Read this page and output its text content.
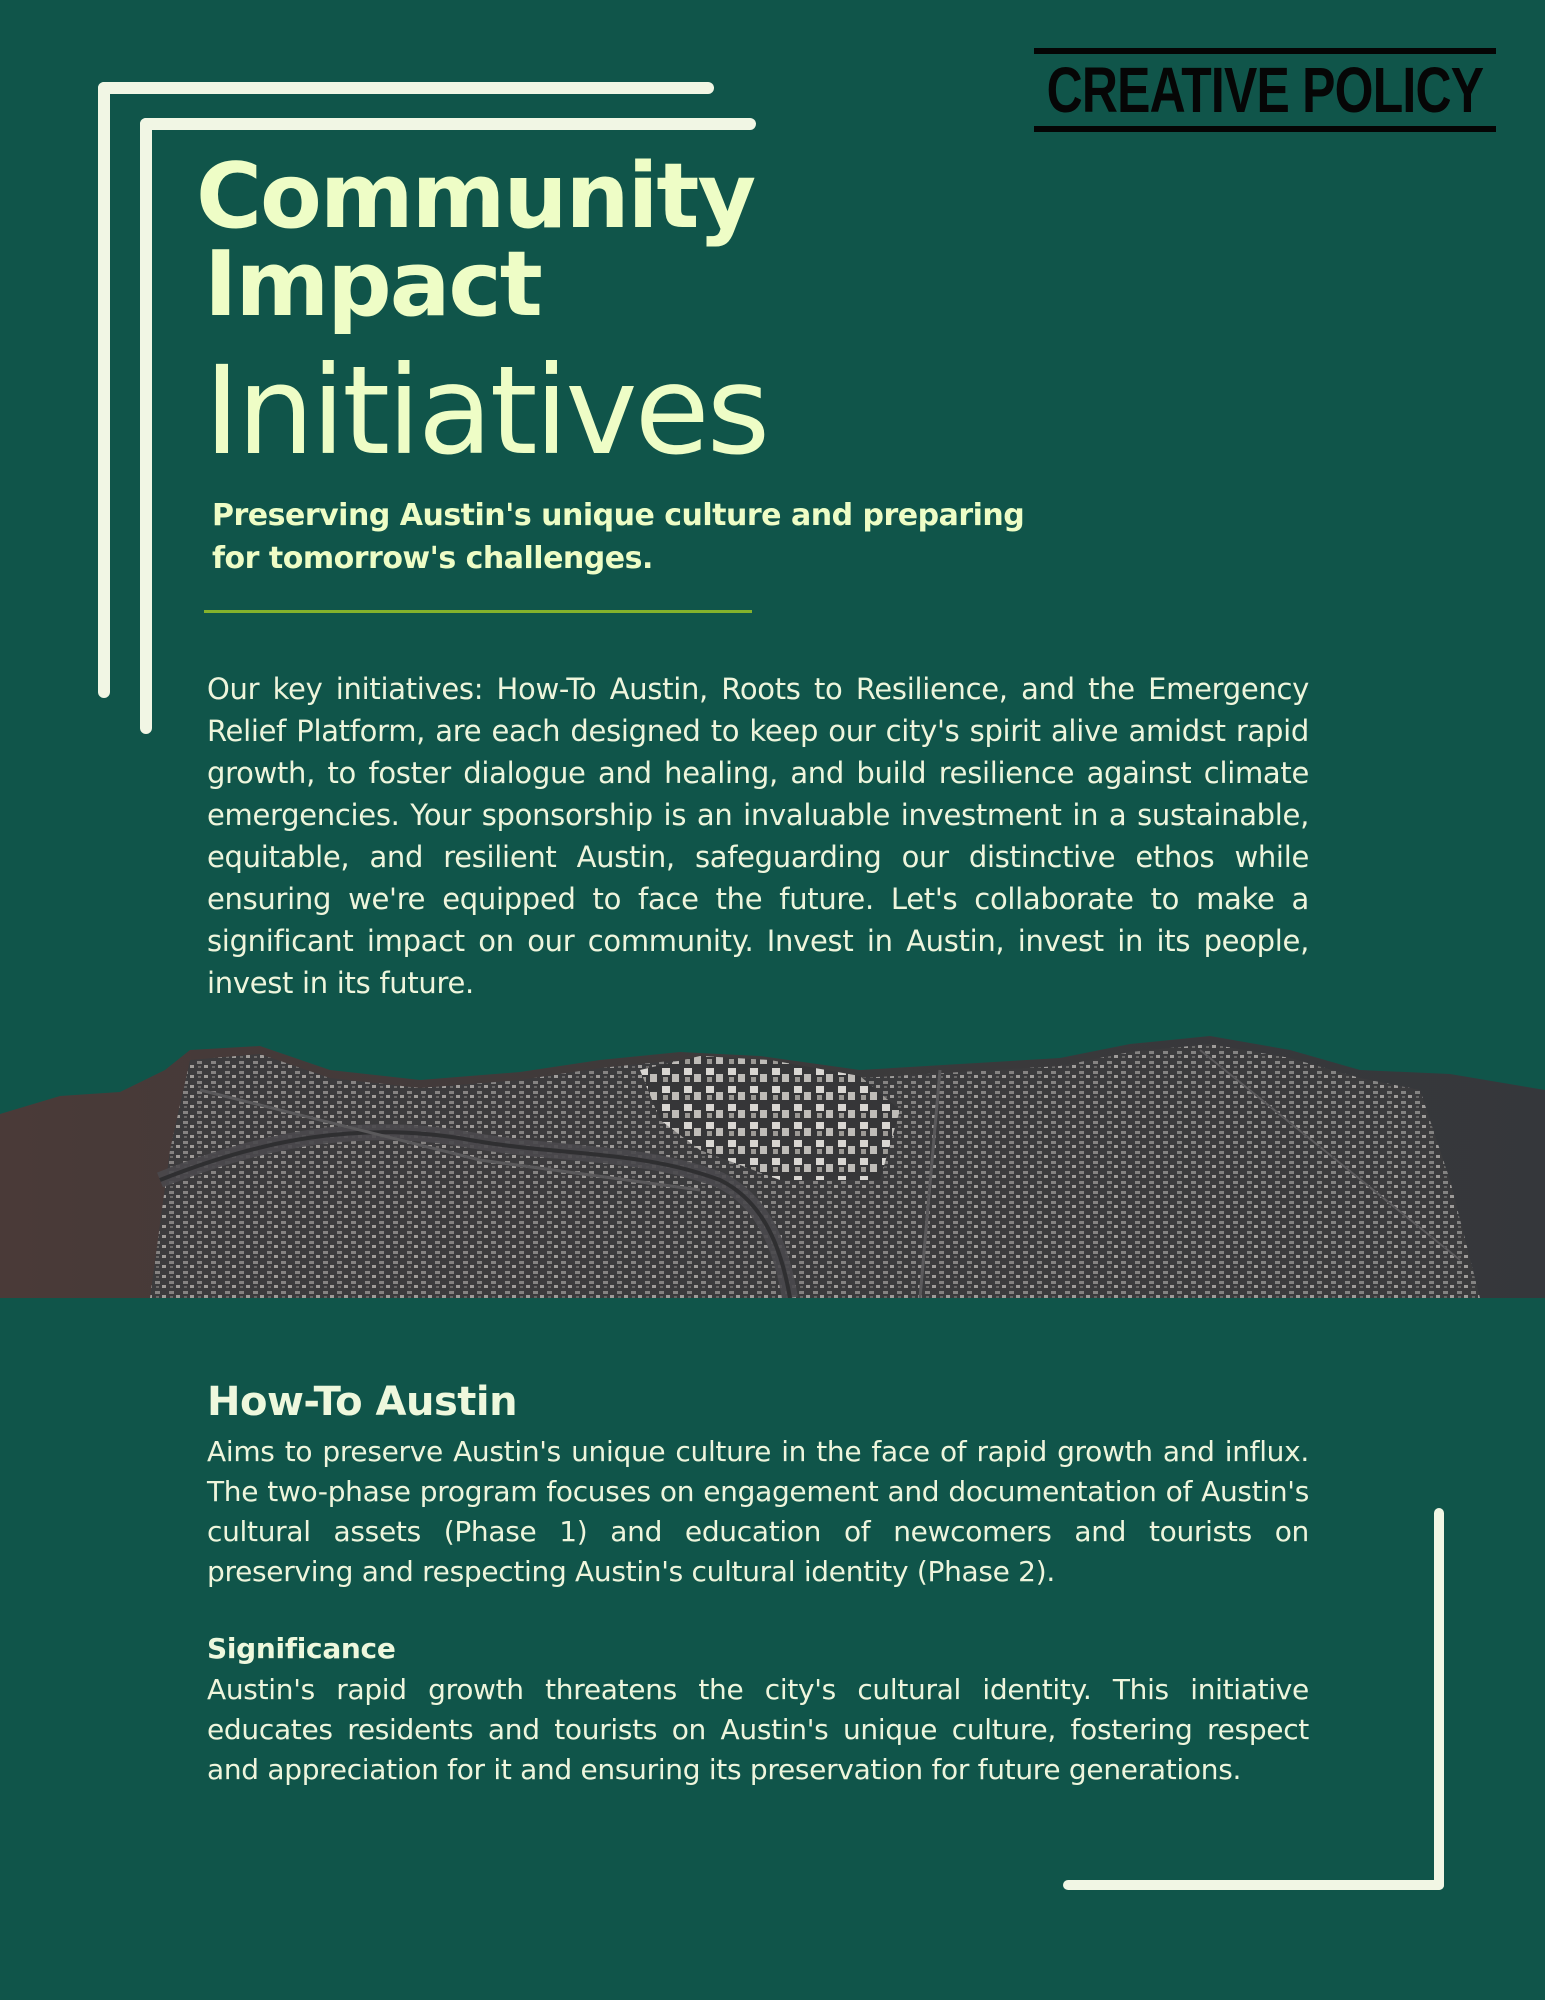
CREATIVE POLICY
Community
Impact
Initiatives
Preserving Austin's unique culture and preparing for tomorrow's challenges.
Our key initiatives: How-To Austin, Roots to Resilience, and the Emergency Relief Platform, are each designed to keep our city's spirit alive amidst rapid growth, to foster dialogue and healing, and build resilience against climate emergencies. Your sponsorship is an invaluable investment in a sustainable, equitable, and resilient Austin, safeguarding our distinctive ethos while ensuring we're equipped to face the future. Let's collaborate to make a significant impact on our community. Invest in Austin, invest in its people, invest in its future.
How-To Austin
Aims to preserve Austin's unique culture in the face of rapid growth and influx. The two-phase program focuses on engagement and documentation of Austin's cultural assets (Phase 1) and education of newcomers and tourists on preserving and respecting Austin's cultural identity (Phase 2).
Significance
Austin's rapid growth threatens the city's cultural identity. This initiative educates residents and tourists on Austin's unique culture, fostering respect and appreciation for it and ensuring its preservation for future generations.
